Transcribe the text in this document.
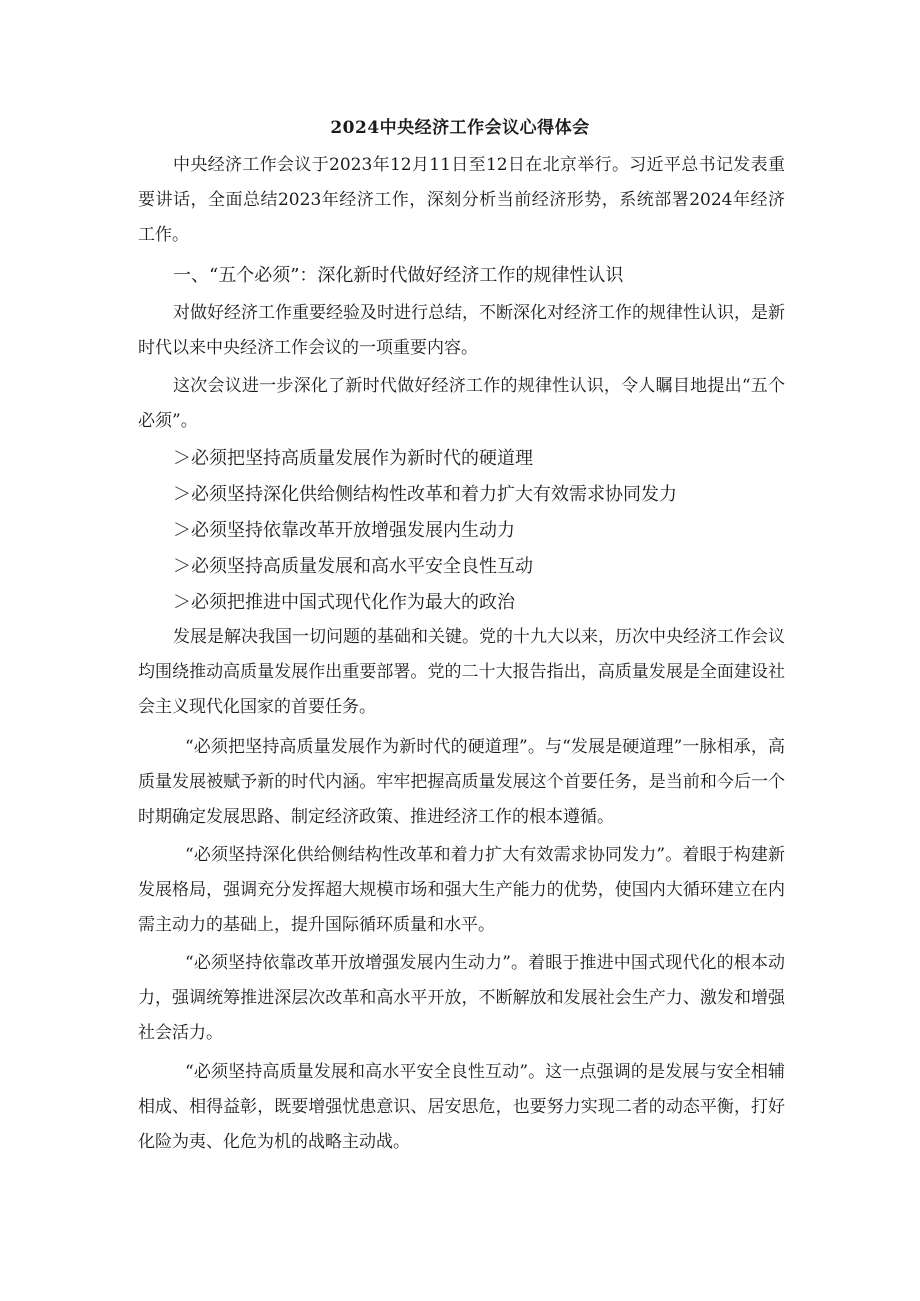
2024中央经济工作会议心得体会

中央经济工作会议于2023年12月11日至12日在北京举行。习近平总书记发表重要讲话，全面总结2023年经济工作，深刻分析当前经济形势，系统部署2024年经济工作。

一、“五个必须”：深化新时代做好经济工作的规律性认识

对做好经济工作重要经验及时进行总结，不断深化对经济工作的规律性认识，是新时代以来中央经济工作会议的一项重要内容。

这次会议进一步深化了新时代做好经济工作的规律性认识，令人瞩目地提出“五个必须”。

＞必须把坚持高质量发展作为新时代的硬道理

＞必须坚持深化供给侧结构性改革和着力扩大有效需求协同发力

＞必须坚持依靠改革开放增强发展内生动力

＞必须坚持高质量发展和高水平安全良性互动

＞必须把推进中国式现代化作为最大的政治

发展是解决我国一切问题的基础和关键。党的十九大以来，历次中央经济工作会议均围绕推动高质量发展作出重要部署。党的二十大报告指出，高质量发展是全面建设社会主义现代化国家的首要任务。

“必须把坚持高质量发展作为新时代的硬道理”。与“发展是硬道理”一脉相承，高质量发展被赋予新的时代内涵。牢牢把握高质量发展这个首要任务，是当前和今后一个时期确定发展思路、制定经济政策、推进经济工作的根本遵循。

“必须坚持深化供给侧结构性改革和着力扩大有效需求协同发力”。着眼于构建新发展格局，强调充分发挥超大规模市场和强大生产能力的优势，使国内大循环建立在内需主动力的基础上，提升国际循环质量和水平。

“必须坚持依靠改革开放增强发展内生动力”。着眼于推进中国式现代化的根本动力，强调统筹推进深层次改革和高水平开放，不断解放和发展社会生产力、激发和增强社会活力。

“必须坚持高质量发展和高水平安全良性互动”。这一点强调的是发展与安全相辅相成、相得益彰，既要增强忧患意识、居安思危，也要努力实现二者的动态平衡，打好化险为夷、化危为机的战略主动战。
